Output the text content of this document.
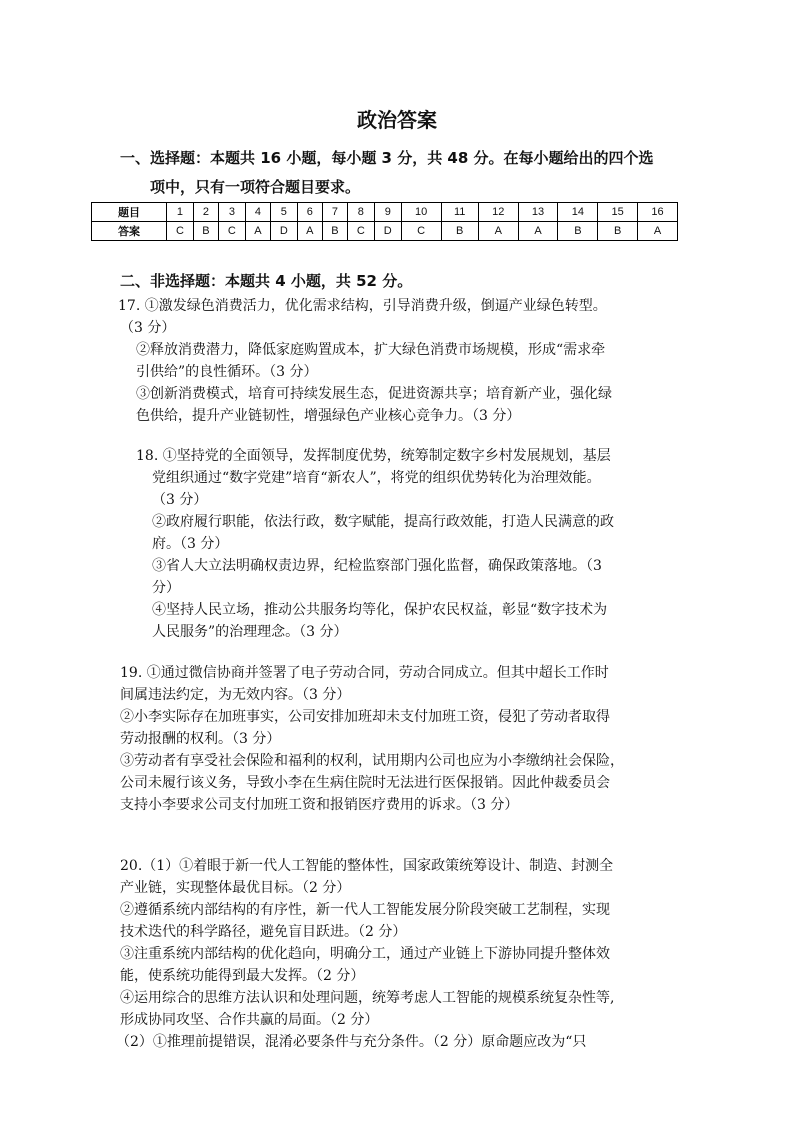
政治答案
一、选择题：本题共 16 小题，每小题 3 分，共 48 分。在每小题给出的四个选
项中，只有一项符合题目要求。
题目	1	2	3	4	5	6	7	8	9	10	11	12	13	14	15	16
答案	C	B	C	A	D	A	B	C	D	C	B	A	A	B	B	A
二、非选择题：本题共 4 小题，共 52 分。
17. ①激发绿色消费活力，优化需求结构，引导消费升级，倒逼产业绿色转型。
（3 分）
②释放消费潜力，降低家庭购置成本，扩大绿色消费市场规模，形成“需求牵
引供给”的良性循环。（3 分）
③创新消费模式，培育可持续发展生态，促进资源共享；培育新产业，强化绿
色供给，提升产业链韧性，增强绿色产业核心竞争力。（3 分）
18. ①坚持党的全面领导，发挥制度优势，统筹制定数字乡村发展规划，基层
党组织通过“数字党建”培育“新农人”，将党的组织优势转化为治理效能。
（3 分）
②政府履行职能，依法行政，数字赋能，提高行政效能，打造人民满意的政
府。（3 分）
③省人大立法明确权责边界，纪检监察部门强化监督，确保政策落地。（3
分）
④坚持人民立场，推动公共服务均等化，保护农民权益，彰显“数字技术为
人民服务”的治理理念。（3 分）
19. ①通过微信协商并签署了电子劳动合同，劳动合同成立。但其中超长工作时
间属违法约定，为无效内容。（3 分）
②小李实际存在加班事实，公司安排加班却未支付加班工资，侵犯了劳动者取得
劳动报酬的权利。（3 分）
③劳动者有享受社会保险和福利的权利，试用期内公司也应为小李缴纳社会保险，
公司未履行该义务，导致小李在生病住院时无法进行医保报销。因此仲裁委员会
支持小李要求公司支付加班工资和报销医疗费用的诉求。（3 分）
20.（1）①着眼于新一代人工智能的整体性，国家政策统筹设计、制造、封测全
产业链，实现整体最优目标。（2 分）
②遵循系统内部结构的有序性，新一代人工智能发展分阶段突破工艺制程，实现
技术迭代的科学路径，避免盲目跃进。（2 分）
③注重系统内部结构的优化趋向，明确分工，通过产业链上下游协同提升整体效
能，使系统功能得到最大发挥。（2 分）
④运用综合的思维方法认识和处理问题，统筹考虑人工智能的规模系统复杂性等,
形成协同攻坚、合作共赢的局面。（2 分）
（2）①推理前提错误，混淆必要条件与充分条件。（2 分）原命题应改为“只
